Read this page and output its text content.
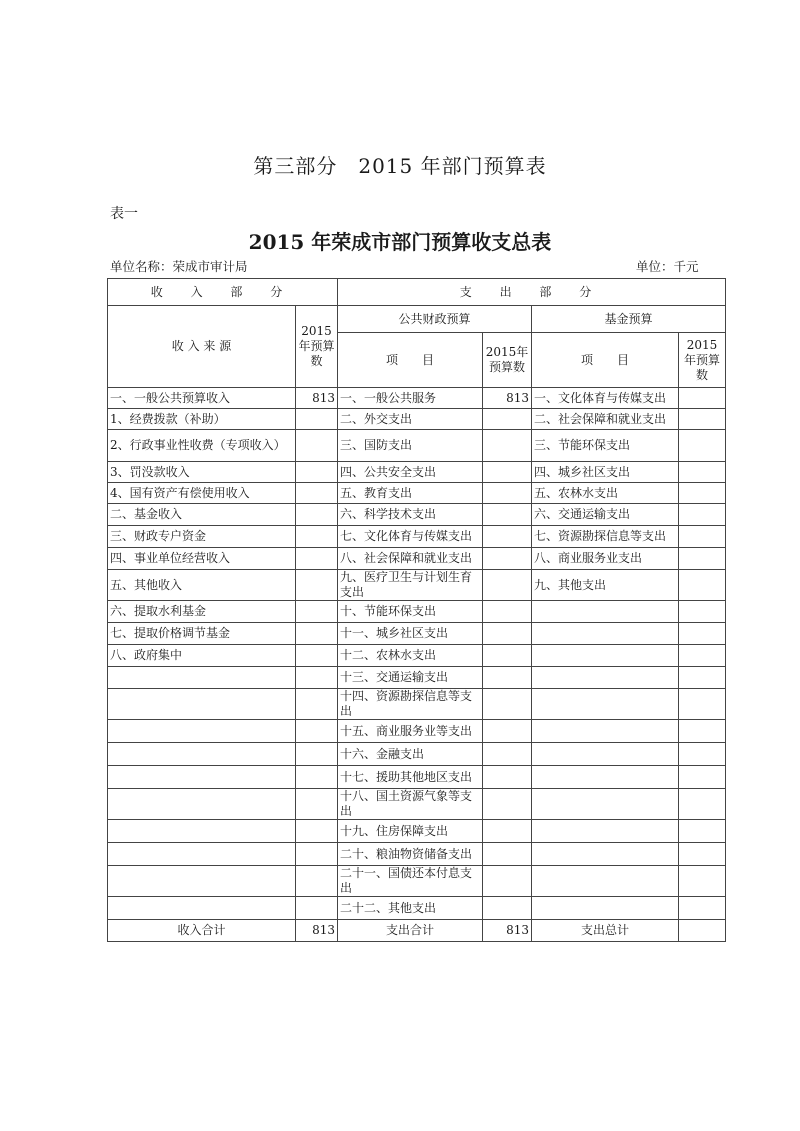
第三部分　2015 年部门预算表
表一
2015 年荣成市部门预算收支总表
单位名称：荣成市审计局	单位：千元
收 入 部 分		支 出 部 分			
收 入 来 源	2015年预算数	公共财政预算		基金预算	
		项　　目	2015年预算数	项　　目	2015年预算数
一、一般公共预算收入	813	一、一般公共服务	813	一、文化体育与传媒支出	
1、经费拨款（补助）		二、外交支出		二、社会保障和就业支出	
2、行政事业性收费（专项收入）		三、国防支出		三、节能环保支出	
3、罚没款收入		四、公共安全支出		四、城乡社区支出	
4、国有资产有偿使用收入		五、教育支出		五、农林水支出	
二、基金收入		六、科学技术支出		六、交通运输支出	
三、财政专户资金		七、文化体育与传媒支出		七、资源勘探信息等支出	
四、事业单位经营收入		八、社会保障和就业支出		八、商业服务业支出	
五、其他收入		九、医疗卫生与计划生育支出		九、其他支出	
六、提取水利基金		十、节能环保支出			
七、提取价格调节基金		十一、城乡社区支出			
八、政府集中		十二、农林水支出			
		十三、交通运输支出			
		十四、资源勘探信息等支出			
		十五、商业服务业等支出			
		十六、金融支出			
		十七、援助其他地区支出			
		十八、国土资源气象等支出			
		十九、住房保障支出			
		二十、粮油物资储备支出			
		二十一、国债还本付息支出			
		二十二、其他支出			
收入合计	813	支出合计	813	支出总计	
